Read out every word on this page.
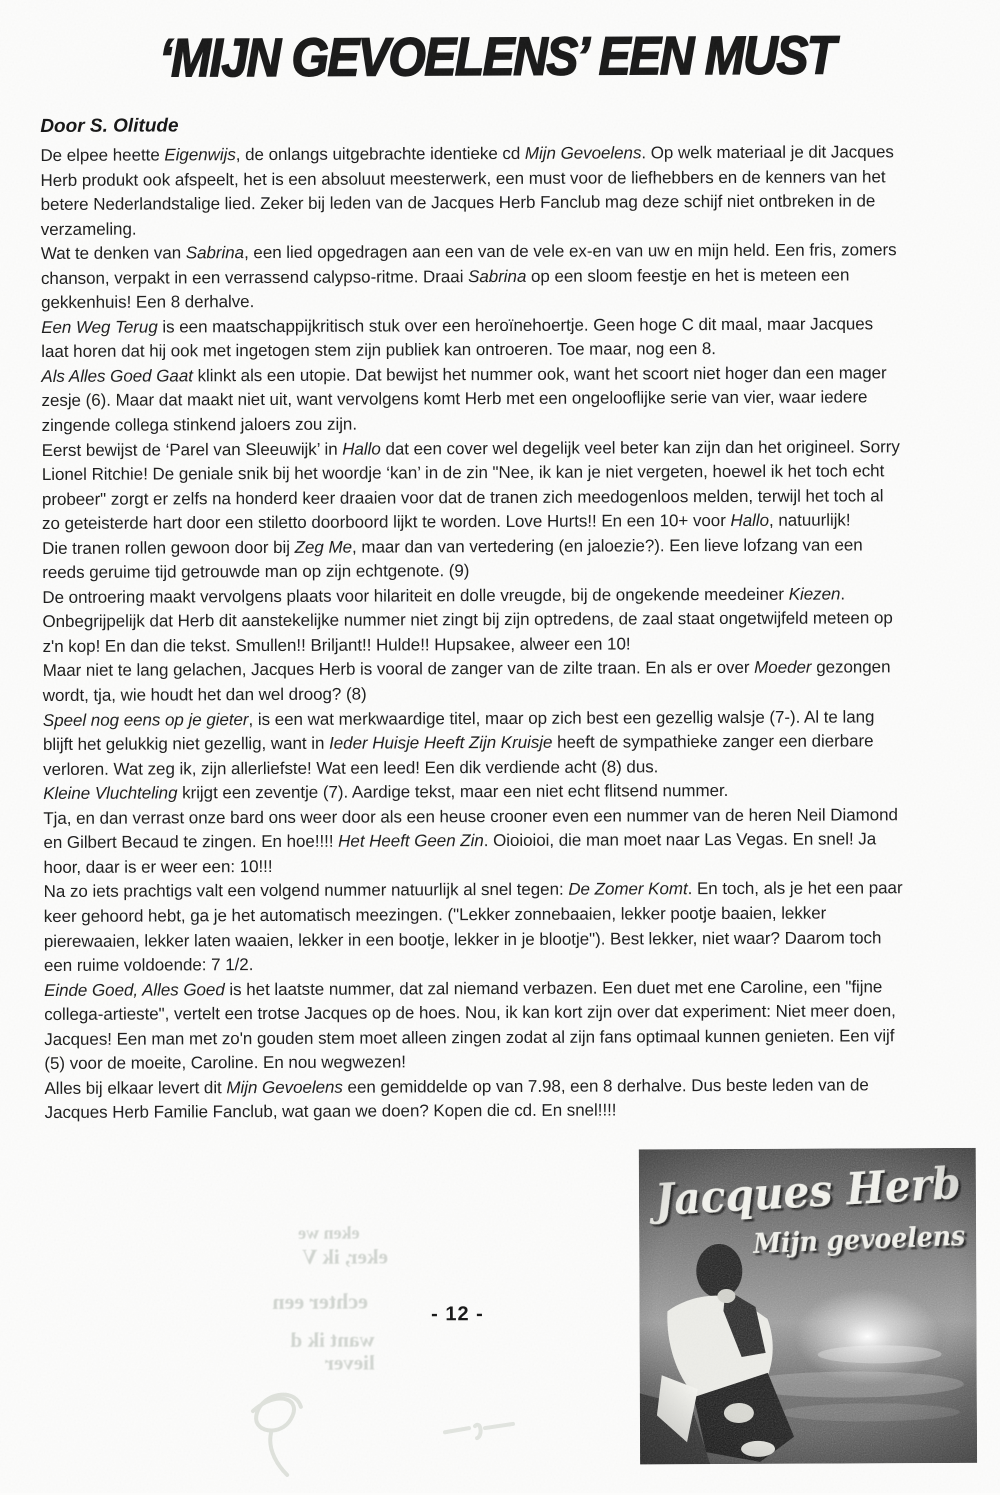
‘MIJN GEVOELENS’ EEN MUST
Door S. Olitude

De elpee heette Eigenwijs, de onlangs uitgebrachte identieke cd Mijn Gevoelens. Op welk materiaal je dit Jacques Herb produkt ook afspeelt, het is een absoluut meesterwerk, een must voor de liefhebbers en de kenners van het betere Nederlandstalige lied. Zeker bij leden van de Jacques Herb Fanclub mag deze schijf niet ontbreken in de verzameling.

Wat te denken van Sabrina, een lied opgedragen aan een van de vele ex-en van uw en mijn held. Een fris, zomers chanson, verpakt in een verrassend calypso-ritme. Draai Sabrina op een sloom feestje en het is meteen een gekkenhuis! Een 8 derhalve.

Een Weg Terug is een maatschappijkritisch stuk over een heroïnehoertje. Geen hoge C dit maal, maar Jacques laat horen dat hij ook met ingetogen stem zijn publiek kan ontroeren. Toe maar, nog een 8.

Als Alles Goed Gaat klinkt als een utopie. Dat bewijst het nummer ook, want het scoort niet hoger dan een mager zesje (6). Maar dat maakt niet uit, want vervolgens komt Herb met een ongelooflijke serie van vier, waar iedere zingende collega stinkend jaloers zou zijn.

Eerst bewijst de ‘Parel van Sleeuwijk’ in Hallo dat een cover wel degelijk veel beter kan zijn dan het origineel. Sorry Lionel Ritchie! De geniale snik bij het woordje ‘kan’ in de zin "Nee, ik kan je niet vergeten, hoewel ik het toch echt probeer" zorgt er zelfs na honderd keer draaien voor dat de tranen zich meedogenloos melden, terwijl het toch al zo geteisterde hart door een stiletto doorboord lijkt te worden. Love Hurts!! En een 10+ voor Hallo, natuurlijk!

Die tranen rollen gewoon door bij Zeg Me, maar dan van vertedering (en jaloezie?). Een lieve lofzang van een reeds geruime tijd getrouwde man op zijn echtgenote. (9)

De ontroering maakt vervolgens plaats voor hilariteit en dolle vreugde, bij de ongekende meedeiner Kiezen. Onbegrijpelijk dat Herb dit aanstekelijke nummer niet zingt bij zijn optredens, de zaal staat ongetwijfeld meteen op z'n kop! En dan die tekst. Smullen!! Briljant!! Hulde!! Hupsakee, alweer een 10!

Maar niet te lang gelachen, Jacques Herb is vooral de zanger van de zilte traan. En als er over Moeder gezongen wordt, tja, wie houdt het dan wel droog? (8)

Speel nog eens op je gieter, is een wat merkwaardige titel, maar op zich best een gezellig walsje (7-). Al te lang blijft het gelukkig niet gezellig, want in Ieder Huisje Heeft Zijn Kruisje heeft de sympathieke zanger een dierbare verloren. Wat zeg ik, zijn allerliefste! Wat een leed! Een dik verdiende acht (8) dus.

Kleine Vluchteling krijgt een zeventje (7). Aardige tekst, maar een niet echt flitsend nummer.

Tja, en dan verrast onze bard ons weer door als een heuse crooner even een nummer van de heren Neil Diamond en Gilbert Becaud te zingen. En hoe!!!! Het Heeft Geen Zin. Oioioioi, die man moet naar Las Vegas. En snel! Ja hoor, daar is er weer een: 10!!!

Na zo iets prachtigs valt een volgend nummer natuurlijk al snel tegen: De Zomer Komt. En toch, als je het een paar keer gehoord hebt, ga je het automatisch meezingen. ("Lekker zonnebaaien, lekker pootje baaien, lekker pierewaaien, lekker laten waaien, lekker in een bootje, lekker in je blootje"). Best lekker, niet waar? Daarom toch een ruime voldoende: 7 1/2.

Einde Goed, Alles Goed is het laatste nummer, dat zal niemand verbazen. Een duet met ene Caroline, een "fijne collega-artieste", vertelt een trotse Jacques op de hoes. Nou, ik kan kort zijn over dat experiment: Niet meer doen, Jacques! Een man met zo'n gouden stem moet alleen zingen zodat al zijn fans optimaal kunnen genieten. Een vijf (5) voor de moeite, Caroline. En nou wegwezen!

Alles bij elkaar levert dit Mijn Gevoelens een gemiddelde op van 7.98, een 8 derhalve. Dus beste leden van de Jacques Herb Familie Fanclub, wat gaan we doen? Kopen die cd. En snel!!!!

eken we
eker, ik V
echter een
want ik d
liever
- 12 -
